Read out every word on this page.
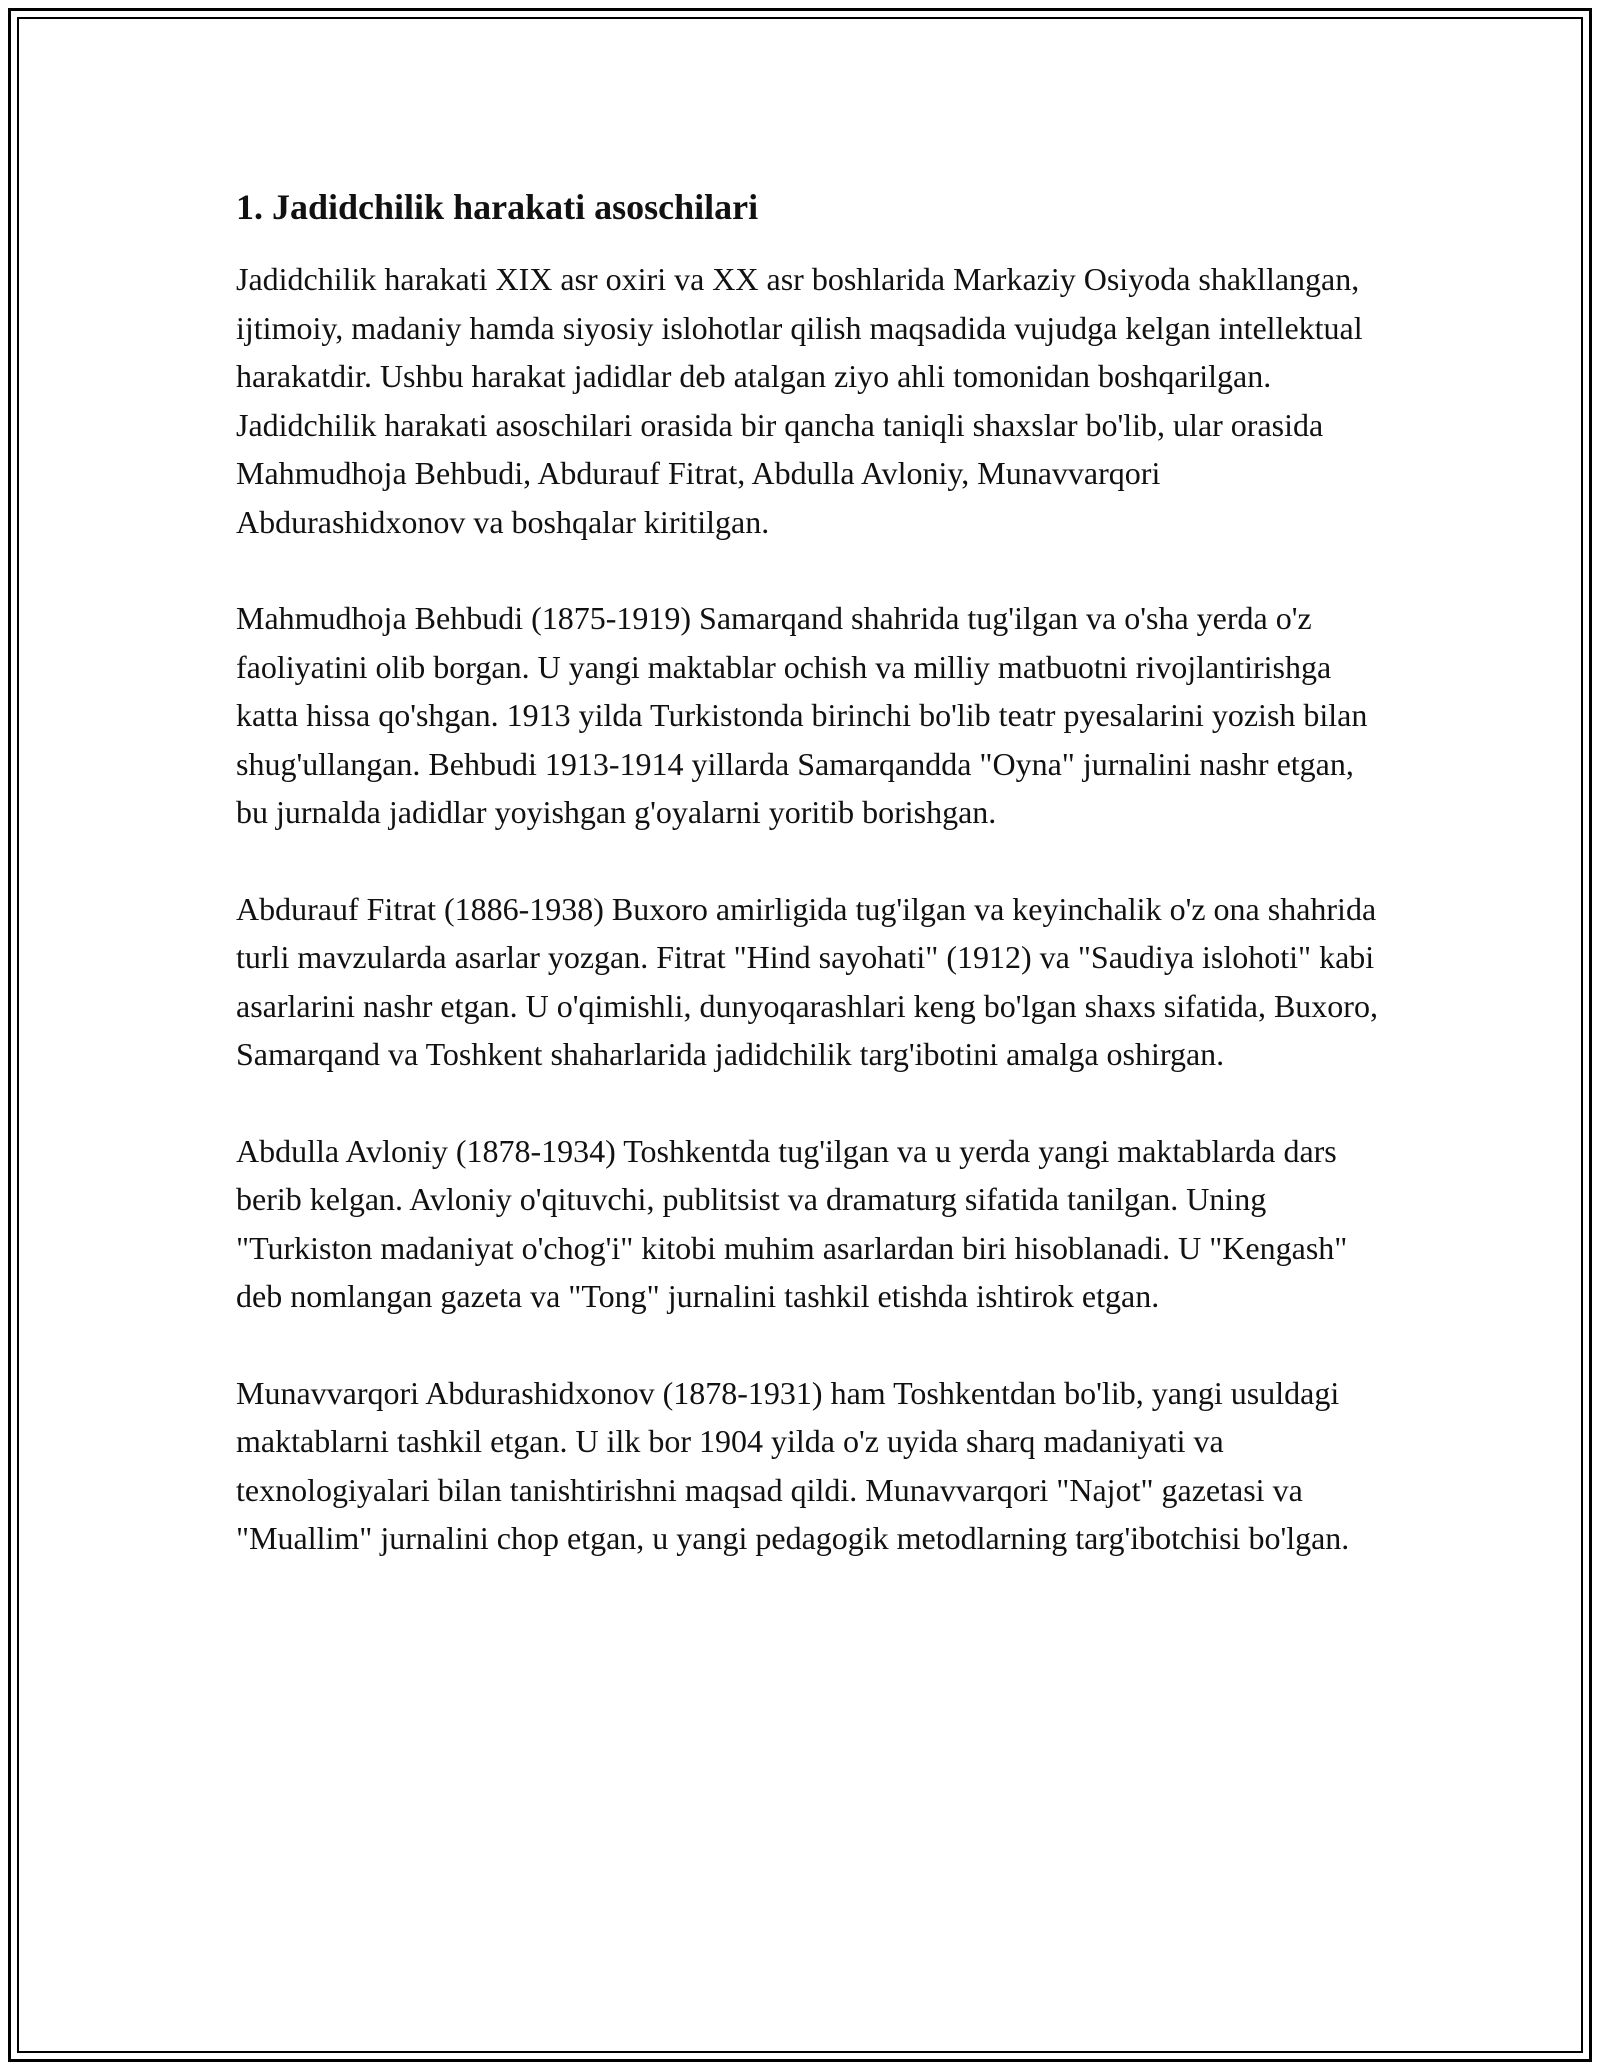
1. Jadidchilik harakati asoschilari

Jadidchilik harakati XIX asr oxiri va XX asr boshlarida Markaziy Osiyoda shakllangan, ijtimoiy, madaniy hamda siyosiy islohotlar qilish maqsadida vujudga kelgan intellektual harakatdir. Ushbu harakat jadidlar deb atalgan ziyo ahli tomonidan boshqarilgan. Jadidchilik harakati asoschilari orasida bir qancha taniqli shaxslar bo'lib, ular orasida Mahmudhoja Behbudi, Abdurauf Fitrat, Abdulla Avloniy, Munavvarqori Abdurashidxonov va boshqalar kiritilgan.

Mahmudhoja Behbudi (1875-1919) Samarqand shahrida tug'ilgan va o'sha yerda o'z faoliyatini olib borgan. U yangi maktablar ochish va milliy matbuotni rivojlantirishga katta hissa qo'shgan. 1913 yilda Turkistonda birinchi bo'lib teatr pyesalarini yozish bilan shug'ullangan. Behbudi 1913-1914 yillarda Samarqandda "Oyna" jurnalini nashr etgan, bu jurnalda jadidlar yoyishgan g'oyalarni yoritib borishgan.

Abdurauf Fitrat (1886-1938) Buxoro amirligida tug'ilgan va keyinchalik o'z ona shahrida turli mavzularda asarlar yozgan. Fitrat "Hind sayohati" (1912) va "Saudiya islohoti" kabi asarlarini nashr etgan. U o'qimishli, dunyoqarashlari keng bo'lgan shaxs sifatida, Buxoro, Samarqand va Toshkent shaharlarida jadidchilik targ'ibotini amalga oshirgan.

Abdulla Avloniy (1878-1934) Toshkentda tug'ilgan va u yerda yangi maktablarda dars berib kelgan. Avloniy o'qituvchi, publitsist va dramaturg sifatida tanilgan. Uning "Turkiston madaniyat o'chog'i" kitobi muhim asarlardan biri hisoblanadi. U "Kengash" deb nomlangan gazeta va "Tong" jurnalini tashkil etishda ishtirok etgan.

Munavvarqori Abdurashidxonov (1878-1931) ham Toshkentdan bo'lib, yangi usuldagi maktablarni tashkil etgan. U ilk bor 1904 yilda o'z uyida sharq madaniyati va texnologiyalari bilan tanishtirishni maqsad qildi. Munavvarqori "Najot" gazetasi va "Muallim" jurnalini chop etgan, u yangi pedagogik metodlarning targ'ibotchisi bo'lgan.
